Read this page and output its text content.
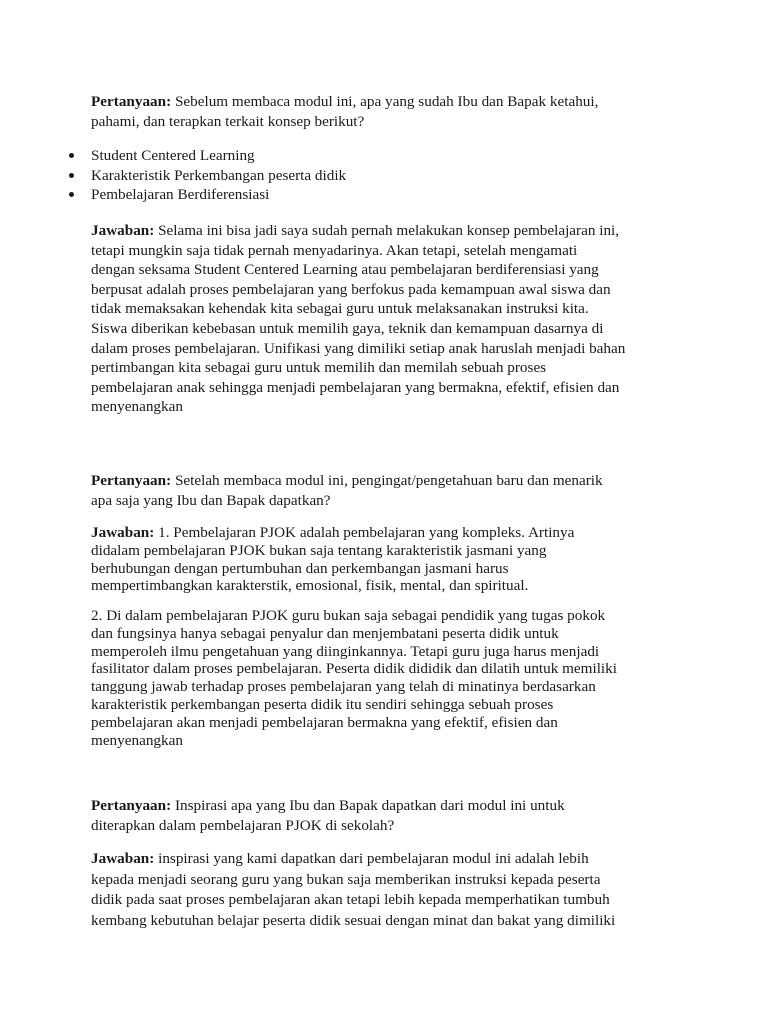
Pertanyaan: Sebelum membaca modul ini, apa yang sudah Ibu dan Bapak ketahui,
pahami, dan terapkan terkait konsep berikut?
Student Centered Learning
Karakteristik Perkembangan peserta didik
Pembelajaran Berdiferensiasi
Jawaban: Selama ini bisa jadi saya sudah pernah melakukan konsep pembelajaran ini,
tetapi mungkin saja tidak pernah menyadarinya. Akan tetapi, setelah mengamati
dengan seksama Student Centered Learning atau pembelajaran berdiferensiasi yang
berpusat adalah proses pembelajaran yang berfokus pada kemampuan awal siswa dan
tidak memaksakan kehendak kita sebagai guru untuk melaksanakan instruksi kita.
Siswa diberikan kebebasan untuk memilih gaya, teknik dan kemampuan dasarnya di
dalam proses pembelajaran. Unifikasi yang dimiliki setiap anak haruslah menjadi bahan
pertimbangan kita sebagai guru untuk memilih dan memilah sebuah proses
pembelajaran anak sehingga menjadi pembelajaran yang bermakna, efektif, efisien dan
menyenangkan
Pertanyaan: Setelah membaca modul ini, pengingat/pengetahuan baru dan menarik
apa saja yang Ibu dan Bapak dapatkan?
Jawaban: 1. Pembelajaran PJOK adalah pembelajaran yang kompleks. Artinya
didalam pembelajaran PJOK bukan saja tentang karakteristik jasmani yang
berhubungan dengan pertumbuhan dan perkembangan jasmani harus
mempertimbangkan karakterstik, emosional, fisik, mental, dan spiritual.
2. Di dalam pembelajaran PJOK guru bukan saja sebagai pendidik yang tugas pokok
dan fungsinya hanya sebagai penyalur dan menjembatani peserta didik untuk
memperoleh ilmu pengetahuan yang diinginkannya. Tetapi guru juga harus menjadi
fasilitator dalam proses pembelajaran. Peserta didik dididik dan dilatih untuk memiliki
tanggung jawab terhadap proses pembelajaran yang telah di minatinya berdasarkan
karakteristik perkembangan peserta didik itu sendiri sehingga sebuah proses
pembelajaran akan menjadi pembelajaran bermakna yang efektif, efisien dan
menyenangkan
Pertanyaan: Inspirasi apa yang Ibu dan Bapak dapatkan dari modul ini untuk
diterapkan dalam pembelajaran PJOK di sekolah?
Jawaban: inspirasi yang kami dapatkan dari pembelajaran modul ini adalah lebih
kepada menjadi seorang guru yang bukan saja memberikan instruksi kepada peserta
didik pada saat proses pembelajaran akan tetapi lebih kepada memperhatikan tumbuh
kembang kebutuhan belajar peserta didik sesuai dengan minat dan bakat yang dimiliki
